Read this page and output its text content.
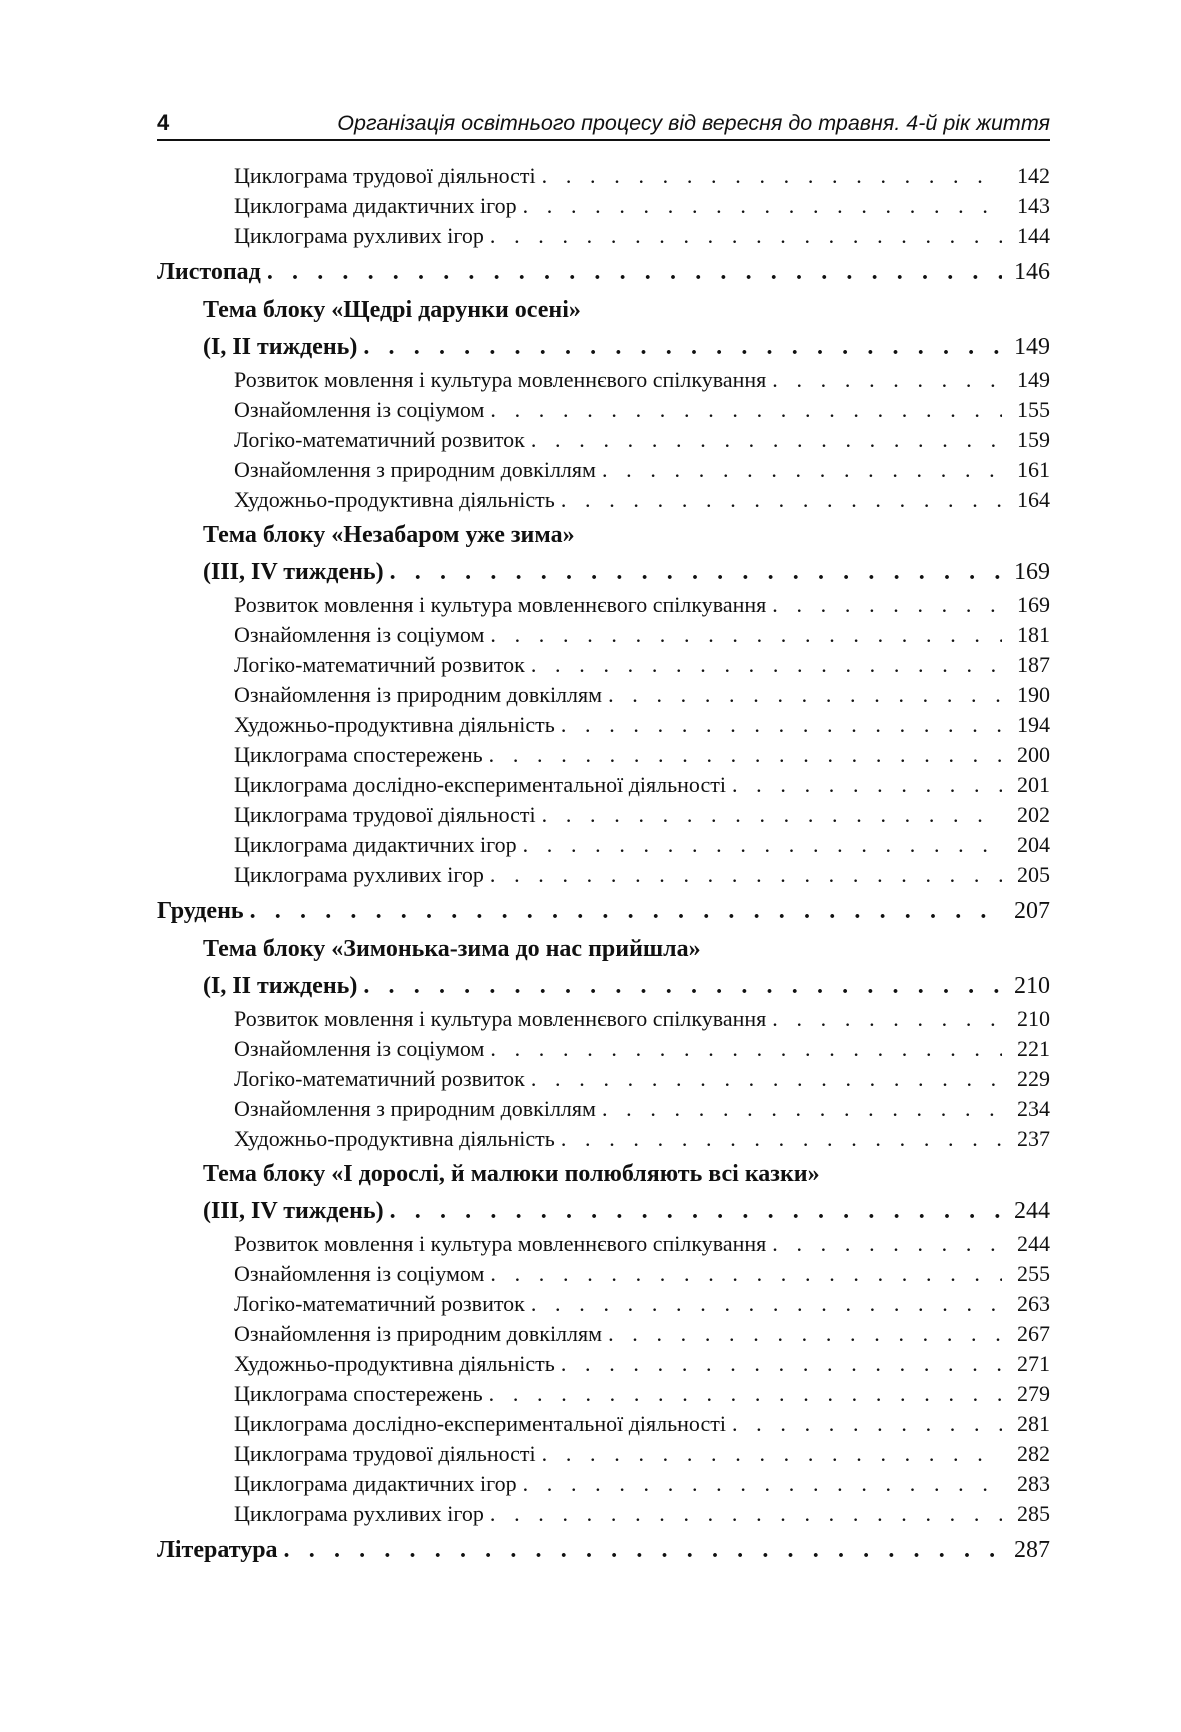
4	Організація освітнього процесу від вересня до травня. 4-й рік життя
Циклограма трудової діяльності . . .	142
Циклограма дидактичних ігор . . .	143
Циклограма рухливих ігор . . .	144
Листопад . . .	146
Тема блоку «Щедрі дарунки осені»
(I, II тиждень) . . .	149
Розвиток мовлення і культура мовленнєвого спілкування . . .	149
Ознайомлення із соціумом . . .	155
Логіко-математичний розвиток . . .	159
Ознайомлення з природним довкіллям . . .	161
Художньо-продуктивна діяльність . . .	164
Тема блоку «Незабаром уже зима»
(III, IV тиждень) . . .	169
Розвиток мовлення і культура мовленнєвого спілкування . . .	169
Ознайомлення із соціумом . . .	181
Логіко-математичний розвиток . . .	187
Ознайомлення із природним довкіллям . . .	190
Художньо-продуктивна діяльність . . .	194
Циклограма спостережень . . .	200
Циклограма дослідно-експериментальної діяльності . . .	201
Циклограма трудової діяльності . . .	202
Циклограма дидактичних ігор . . .	204
Циклограма рухливих ігор . . .	205
Грудень . . .	207
Тема блоку «Зимонька-зима до нас прийшла»
(I, II тиждень) . . .	210
Розвиток мовлення і культура мовленнєвого спілкування . . .	210
Ознайомлення із соціумом . . .	221
Логіко-математичний розвиток . . .	229
Ознайомлення з природним довкіллям . . .	234
Художньо-продуктивна діяльність . . .	237
Тема блоку «І дорослі, й малюки полюбляють всі казки»
(III, IV тиждень) . . .	244
Розвиток мовлення і культура мовленнєвого спілкування . . .	244
Ознайомлення із соціумом . . .	255
Логіко-математичний розвиток . . .	263
Ознайомлення із природним довкіллям . . .	267
Художньо-продуктивна діяльність . . .	271
Циклограма спостережень . . .	279
Циклограма дослідно-експериментальної діяльності . . .	281
Циклограма трудової діяльності . . .	282
Циклограма дидактичних ігор . . .	283
Циклограма рухливих ігор . . .	285
Література . . .	287
